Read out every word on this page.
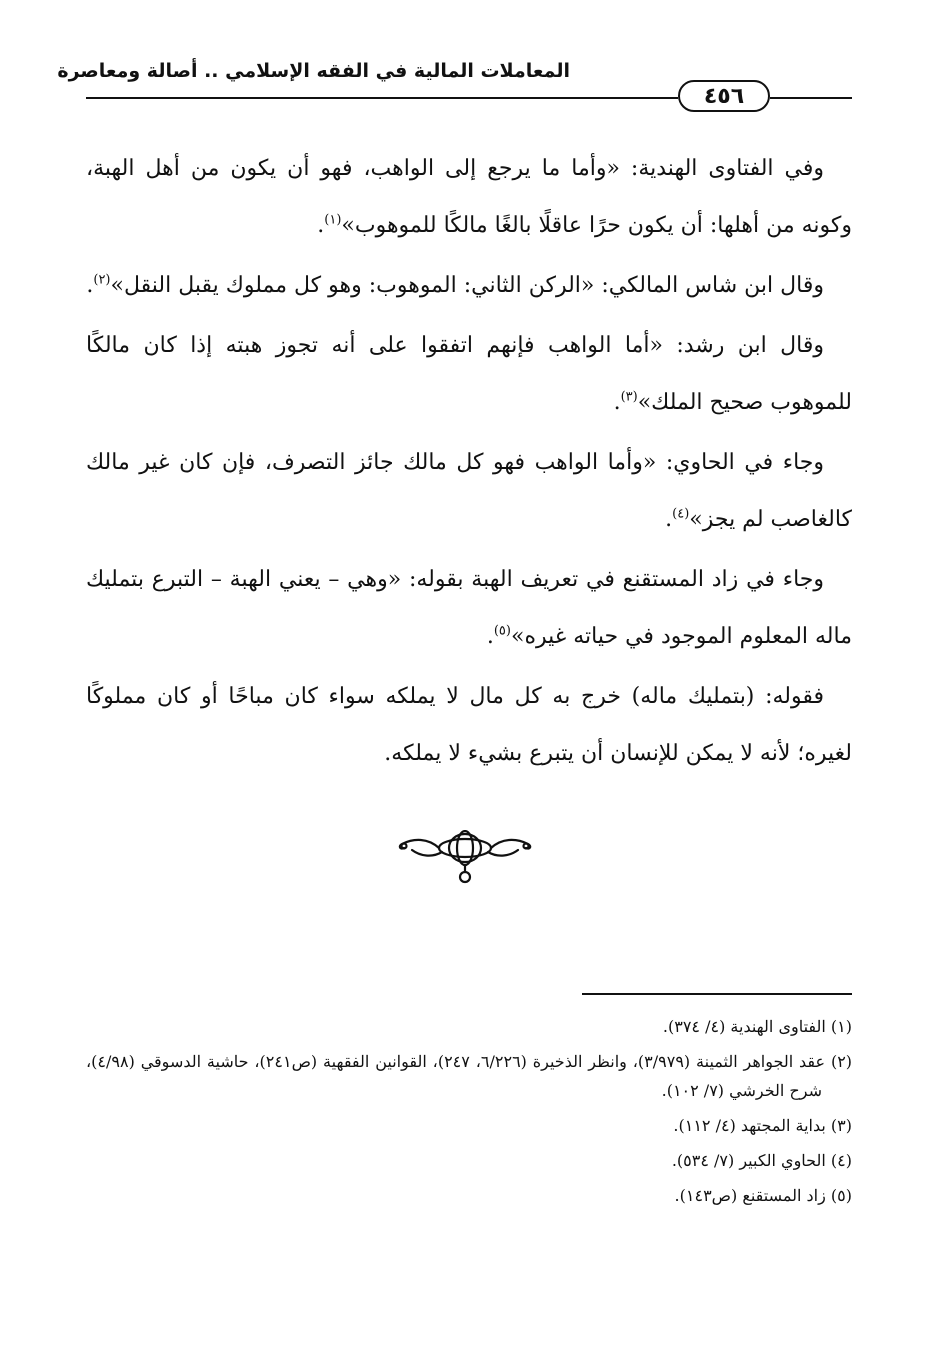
المعاملات المالية في الفقه الإسلامي .. أصالة ومعاصرة
٤٥٦

وفي الفتاوى الهندية: «وأما ما يرجع إلى الواهب، فهو أن يكون من أهل الهبة، وكونه من أهلها: أن يكون حرًا عاقلًا بالغًا مالكًا للموهوب»$^{(١)}$.

وقال ابن شاس المالكي: «الركن الثاني: الموهوب: وهو كل مملوك يقبل النقل»$^{(٢)}$.

وقال ابن رشد: «أما الواهب فإنهم اتفقوا على أنه تجوز هبته إذا كان مالكًا للموهوب صحيح الملك»$^{(٣)}$.

وجاء في الحاوي: «وأما الواهب فهو كل مالك جائز التصرف، فإن كان غير مالك كالغاصب لم يجز»$^{(٤)}$.

وجاء في زاد المستقنع في تعريف الهبة بقوله: «وهي – يعني الهبة – التبرع بتمليك ماله المعلوم الموجود في حياته غيره»$^{(٥)}$.

فقوله: (بتمليك ماله) خرج به كل مال لا يملكه سواء كان مباحًا أو كان مملوكًا لغيره؛ لأنه لا يمكن للإنسان أن يتبرع بشيء لا يملكه.

(١) الفتاوى الهندية (٤/ ٣٧٤).
(٢) عقد الجواهر الثمينة (٣/٩٧٩)، وانظر الذخيرة (٦/٢٢٦، ٢٤٧)، القوانين الفقهية (ص٢٤١)، حاشية الدسوقي (٤/٩٨)، شرح الخرشي (٧/ ١٠٢).
(٣) بداية المجتهد (٤/ ١١٢).
(٤) الحاوي الكبير (٧/ ٥٣٤).
(٥) زاد المستقنع (ص١٤٣).
